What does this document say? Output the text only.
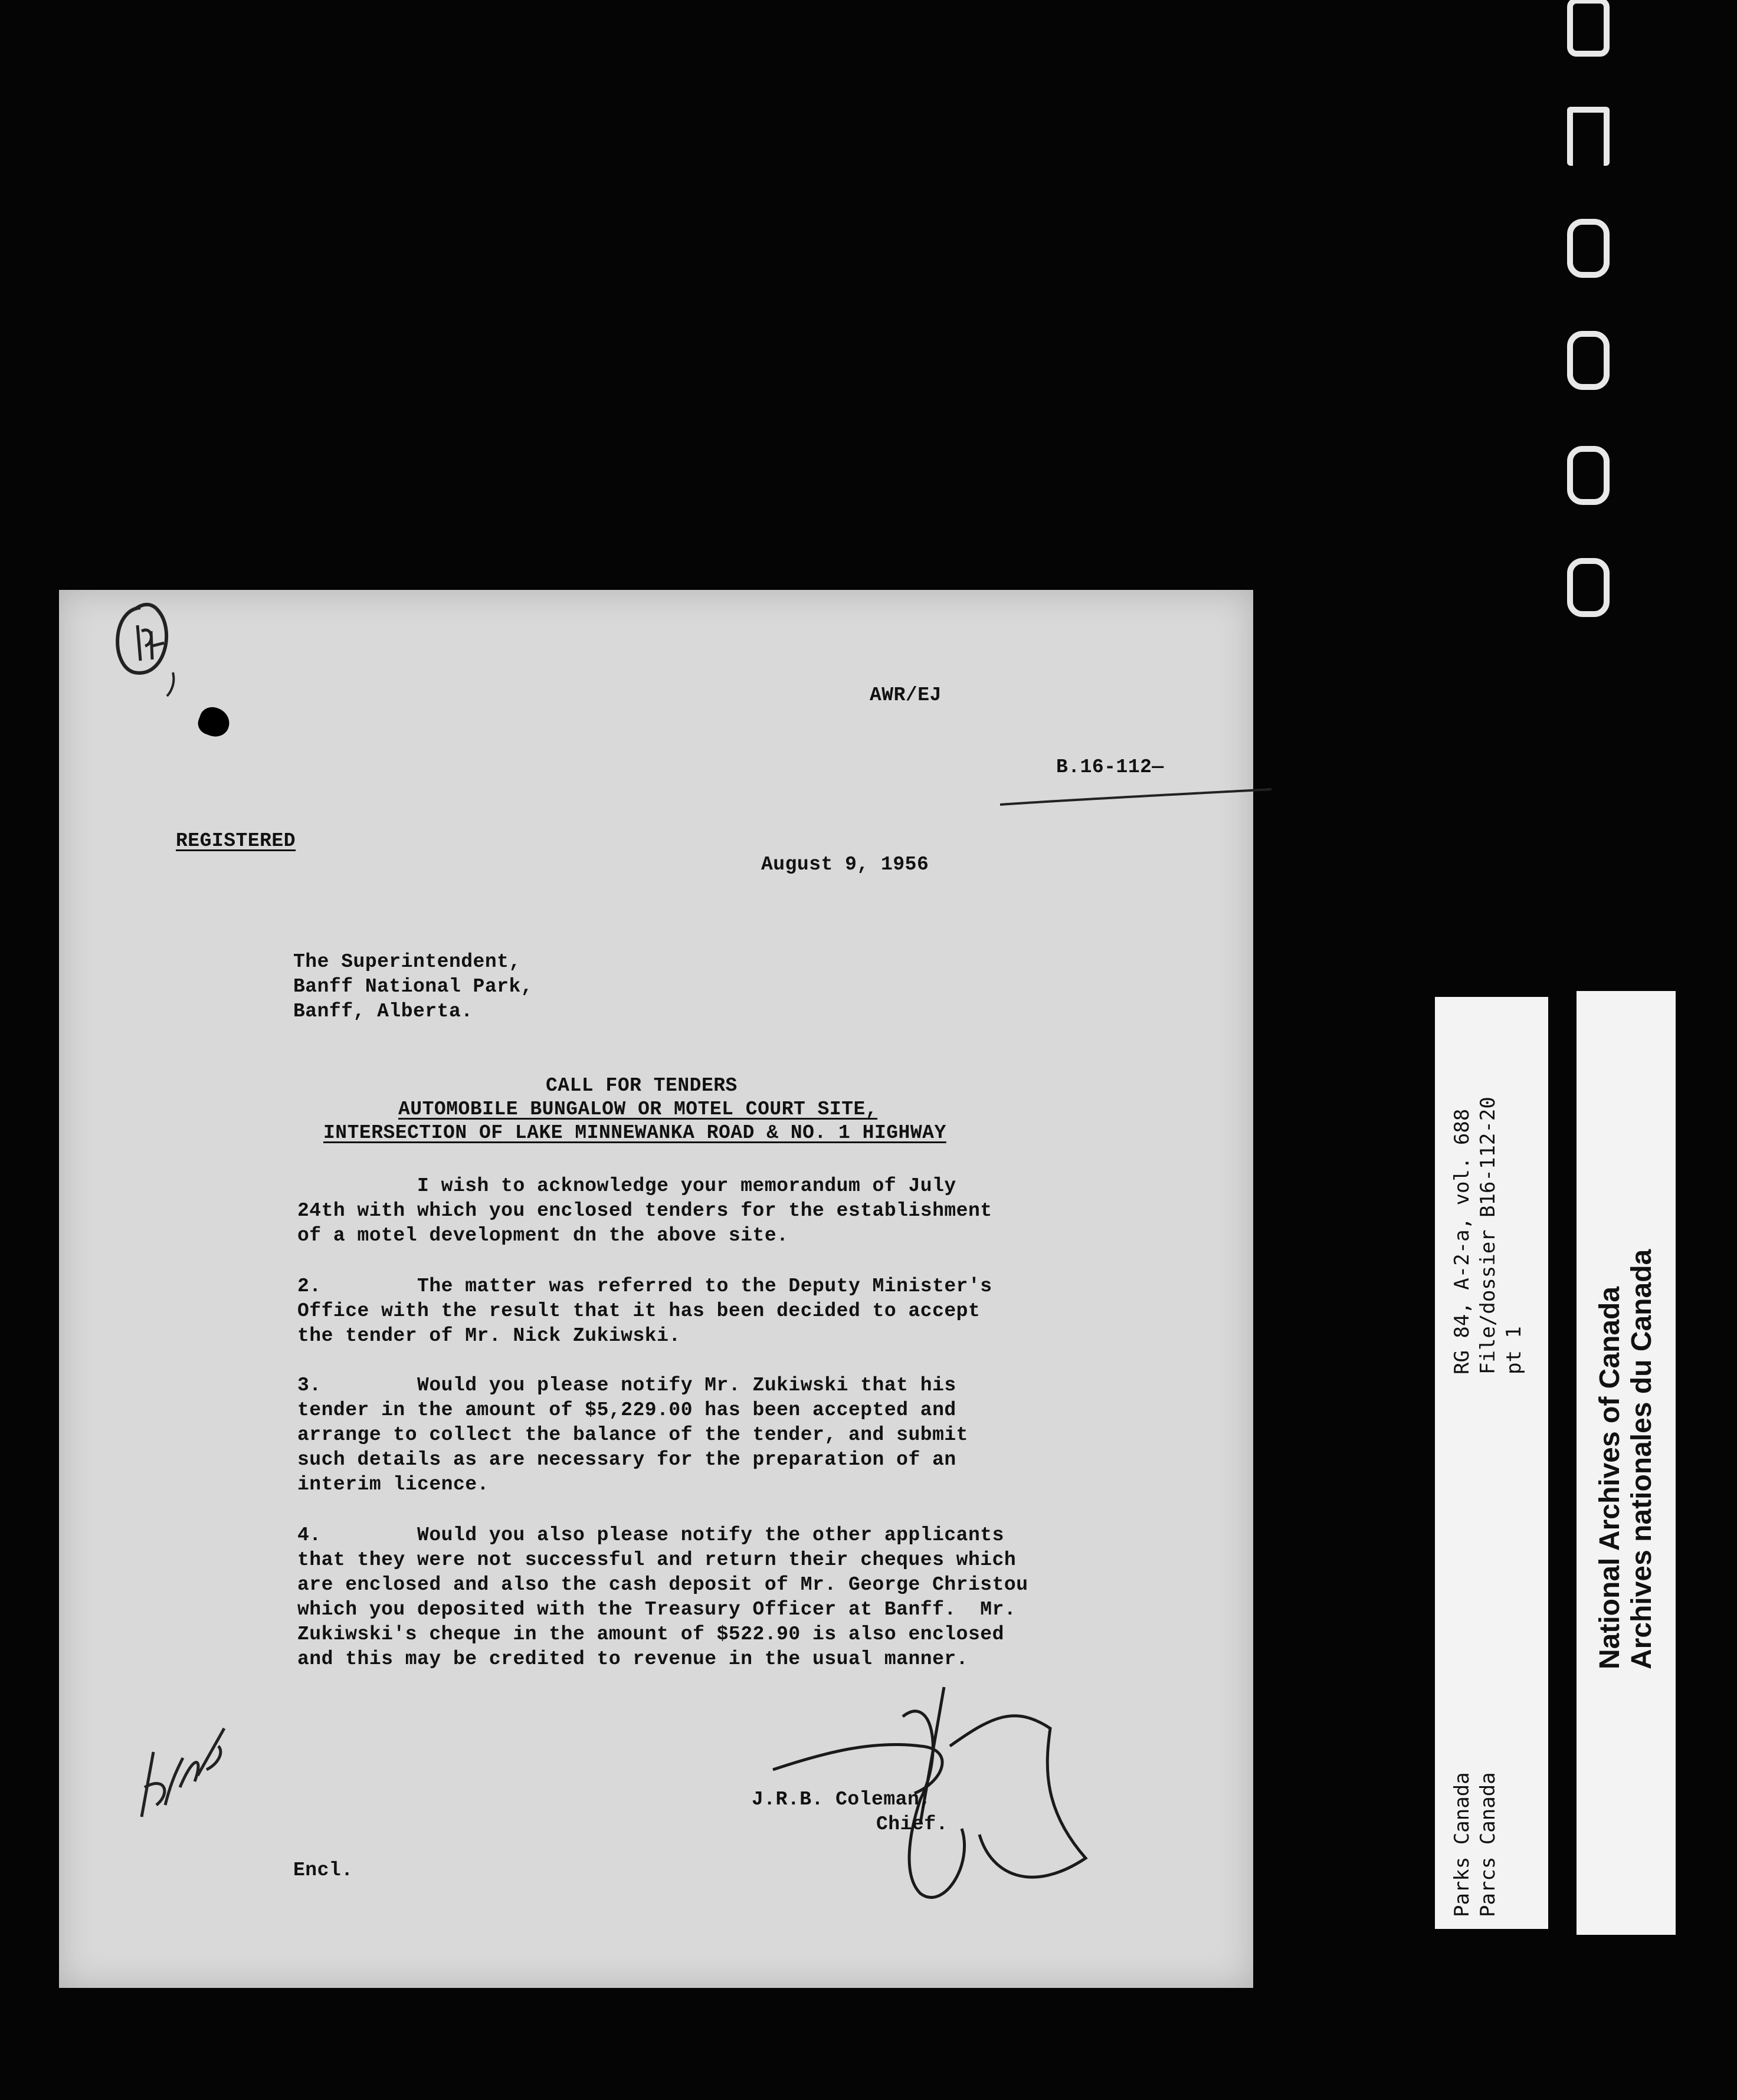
AWR/EJ
B.16-112—
REGISTERED
August 9, 1956
The Superintendent,
Banff National Park,
Banff, Alberta.
CALL FOR TENDERS
AUTOMOBILE BUNGALOW OR MOTEL COURT SITE,
INTERSECTION OF LAKE MINNEWANKA ROAD & NO. 1 HIGHWAY
I wish to acknowledge your memorandum of July
24th with which you enclosed tenders for the establishment
of a motel development dn the above site.
2.        The matter was referred to the Deputy Minister's
Office with the result that it has been decided to accept
the tender of Mr. Nick Zukiwski.
3.        Would you please notify Mr. Zukiwski that his
tender in the amount of $5,229.00 has been accepted and
arrange to collect the balance of the tender, and submit
such details as are necessary for the preparation of an
interim licence.
4.        Would you also please notify the other applicants
that they were not successful and return their cheques which
are enclosed and also the cash deposit of Mr. George Christou
which you deposited with the Treasury Officer at Banff.  Mr.
Zukiwski's cheque in the amount of $522.90 is also enclosed
and this may be credited to revenue in the usual manner.
J.R.B. Coleman,
Chief.
Encl.
RG 84, A-2-a, vol. 688
File/dossier B16-112-20
pt 1
Parks Canada
Parcs Canada
National Archives of Canada
Archives nationales du Canada
